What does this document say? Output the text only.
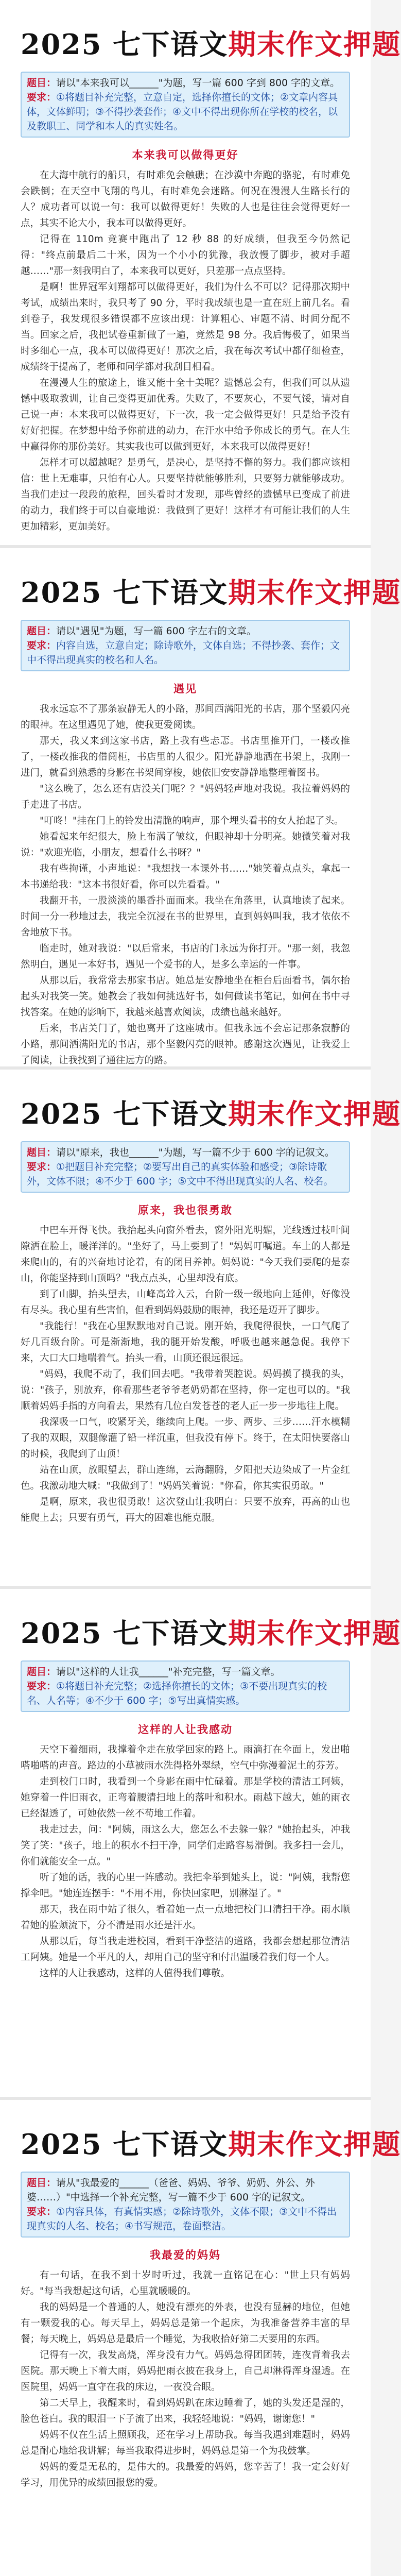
2025 七下语文期末作文押题
题目：请以"本来我可以______"为题，写一篇 600 字到 800 字的文章。
要求：①将题目补充完整，立意自定，选择你擅长的文体；②文章内容具体，文体鲜明；③不得抄袭套作；④文中不得出现你所在学校的校名，以及教职工、同学和本人的真实姓名。
本来我可以做得更好

在大海中航行的船只，有时难免会触礁；在沙漠中奔跑的骆驼，有时难免会跌倒；在天空中飞翔的鸟儿，有时难免会迷路。何况在漫漫人生路长行的人？成功者可以说一句：我可以做得更好！失败的人也是往往会觉得更好一点，其实不论大小，我本可以做得更好。

记得在 110m 竞赛中跑出了 12 秒 88 的好成绩，但我至今仍然记得："终点前最后二十米，因为一个小小的犹豫，我放慢了脚步，被对手超越……"那一刻我明白了，本来我可以更好，只差那一点点坚持。

是啊！世界冠军刘翔都可以做得更好，我们为什么不可以？记得那次期中考试，成绩出来时，我只考了 90 分，平时我成绩也是一直在班上前几名。看到卷子，我发现很多错误都不应该出现：计算粗心、审题不清、时间分配不当。回家之后，我把试卷重新做了一遍，竟然是 98 分。我后悔极了，如果当时多细心一点，我本可以做得更好！那次之后，我在每次考试中都仔细检查，成绩终于提高了，老师和同学都对我刮目相看。

在漫漫人生的旅途上，谁又能十全十美呢？遗憾总会有，但我们可以从遗憾中吸取教训，让自己变得更加优秀。失败了，不要灰心，不要气馁，请对自己说一声：本来我可以做得更好，下一次，我一定会做得更好！只是给予没有好好把握。在梦想中给予你前进的动力，在汗水中给予你成长的勇气。在人生中赢得你的那份美好。其实我也可以做到更好，本来我可以做得更好！

怎样才可以超越呢？是勇气，是决心，是坚持不懈的努力。我们都应该相信：世上无难事，只怕有心人。只要坚持就能够胜利，只要努力就能够成功。当我们走过一段段的旅程，回头看时才发现，那些曾经的遗憾早已变成了前进的动力，我们终于可以自豪地说：我做到了更好！这样才有可能让我们的人生更加精彩，更加美好。

2025 七下语文期末作文押题
题目：请以"遇见"为题，写一篇 600 字左右的文章。
要求：内容自选，立意自定；除诗歌外，文体自选；不得抄袭、套作；文中不得出现真实的校名和人名。
遇见

我永远忘不了那条寂静无人的小路，那间西满阳光的书店，那个坚毅闪亮的眼神。在这里遇见了她，使我更爱阅读。

那天，我又来到这家书店，路上我有些忐忑。书店里推开门，一楼改推了，一楼改推我的借阅柜，书店里的人很少。阳光静静地洒在书架上，我刚一进门，就看到熟悉的身影在书架间穿梭，她依旧安安静静地整理着图书。

"这么晚了，怎么还有店没关门呢？？"妈妈轻声地对我说。我拉着妈妈的手走进了书店。

"叮咚！"挂在门上的铃发出清脆的响声，那个埋头看书的女人抬起了头。

她看起来年纪很大，脸上布满了皱纹，但眼神却十分明亮。她微笑着对我说："欢迎光临，小朋友，想看什么书呀？"

我有些拘谨，小声地说："我想找一本课外书……"她笑着点点头，拿起一本书递给我："这本书很好看，你可以先看看。"

我翻开书，一股淡淡的墨香扑面而来。我坐在角落里，认真地读了起来。时间一分一秒地过去，我完全沉浸在书的世界里，直到妈妈叫我，我才依依不舍地放下书。

临走时，她对我说："以后常来，书店的门永远为你打开。"那一刻，我忽然明白，遇见一本好书，遇见一个爱书的人，是多么幸运的一件事。

从那以后，我常常去那家书店。她总是安静地坐在柜台后面看书，偶尔抬起头对我笑一笑。她教会了我如何挑选好书，如何做读书笔记，如何在书中寻找答案。在她的影响下，我越来越喜欢阅读，成绩也越来越好。

后来，书店关门了，她也离开了这座城市。但我永远不会忘记那条寂静的小路，那间洒满阳光的书店，那个坚毅闪亮的眼神。感谢这次遇见，让我爱上了阅读，让我找到了通往远方的路。

2025 七下语文期末作文押题
题目：请以"原来，我也______"为题，写一篇不少于 600 字的记叙文。
要求：①把题目补充完整；②要写出自己的真实体验和感受；③除诗歌外，文体不限；④不少于 600 字；⑤文中不得出现真实的人名、校名。
原来，我也很勇敢

中巴车开得飞快。我抬起头向窗外看去，窗外阳光明媚，光线透过枝叶间隙洒在脸上，暖洋洋的。"坐好了，马上要到了！"妈妈叮嘱道。车上的人都是来爬山的，有的兴奋地讨论着，有的闭目养神。妈妈说："今天我们要爬的是泰山，你能坚持到山顶吗？"我点点头，心里却没有底。

到了山脚，抬头望去，山峰高耸入云，台阶一级一级地向上延伸，好像没有尽头。我心里有些害怕，但看到妈妈鼓励的眼神，我还是迈开了脚步。

"我能行！"我在心里默默地对自己说。刚开始，我爬得很快，一口气爬了好几百级台阶。可是渐渐地，我的腿开始发酸，呼吸也越来越急促。我停下来，大口大口地喘着气。抬头一看，山顶还很远很远。

"妈妈，我爬不动了，我们回去吧。"我带着哭腔说。妈妈摸了摸我的头，说："孩子，别放弃，你看那些老爷爷老奶奶都在坚持，你一定也可以的。"我顺着妈妈手指的方向看去，果然有几位白发苍苍的老人正一步一步地往上爬。

我深吸一口气，咬紧牙关，继续向上爬。一步、两步、三步……汗水模糊了我的双眼，双腿像灌了铅一样沉重，但我没有停下。终于，在太阳快要落山的时候，我爬到了山顶！

站在山顶，放眼望去，群山连绵，云海翻腾，夕阳把天边染成了一片金红色。我激动地大喊："我做到了！"妈妈笑着说："你看，你其实很勇敢。"

是啊，原来，我也很勇敢！这次登山让我明白：只要不放弃，再高的山也能爬上去；只要有勇气，再大的困难也能克服。

2025 七下语文期末作文押题
题目：请以"这样的人让我______"补充完整，写一篇文章。
要求：①将题目补充完整；②选择你擅长的文体；③不要出现真实的校名、人名等；④不少于 600 字；⑤写出真情实感。
这样的人让我感动

天空下着细雨，我撑着伞走在放学回家的路上。雨滴打在伞面上，发出啪嗒啪嗒的声音。路边的小草被雨水洗得格外翠绿，空气中弥漫着泥土的芬芳。

走到校门口时，我看到一个身影在雨中忙碌着。那是学校的清洁工阿姨，她穿着一件旧雨衣，正弯着腰清扫地上的落叶和积水。雨越下越大，她的雨衣已经湿透了，可她依然一丝不苟地工作着。

我走过去，问："阿姨，雨这么大，您怎么不去躲一躲？"她抬起头，冲我笑了笑："孩子，地上的积水不扫干净，同学们走路容易滑倒。我多扫一会儿，你们就能安全一点。"

听了她的话，我的心里一阵感动。我把伞举到她头上，说："阿姨，我帮您撑伞吧。"她连连摆手："不用不用，你快回家吧，别淋湿了。"

那天，我在雨中站了很久，看着她一点一点地把校门口清扫干净。雨水顺着她的脸颊流下，分不清是雨水还是汗水。

从那以后，每当我走进校园，看到干净整洁的道路，我都会想起那位清洁工阿姨。她是一个平凡的人，却用自己的坚守和付出温暖着我们每一个人。

这样的人让我感动，这样的人值得我们尊敬。

2025 七下语文期末作文押题
题目：请从"我最爱的______（爸爸、妈妈、爷爷、奶奶、外公、外婆……）"中选择一个补充完整，写一篇不少于 600 字的记叙文。
要求：①内容具体，有真情实感；②除诗歌外，文体不限；③文中不得出现真实的人名、校名；④书写规范，卷面整洁。
我最爱的妈妈

有一句话，在我不到十岁时听过，我就一直铭记在心："世上只有妈妈好。"每当我想起这句话，心里就暖暖的。

我的妈妈是一个普通的人，她没有漂亮的外表，也没有显赫的地位，但她有一颗爱我的心。每天早上，妈妈总是第一个起床，为我准备营养丰富的早餐；每天晚上，妈妈总是最后一个睡觉，为我收拾好第二天要用的东西。

记得有一次，我发高烧，浑身没有力气。妈妈急得团团转，连夜背着我去医院。那天晚上下着大雨，妈妈把雨衣披在我身上，自己却淋得浑身湿透。在医院里，妈妈一直守在我的床边，一夜没合眼。

第二天早上，我醒来时，看到妈妈趴在床边睡着了，她的头发还是湿的，脸色苍白。我的眼泪一下子流了出来，我轻轻地说："妈妈，谢谢您！"

妈妈不仅在生活上照顾我，还在学习上帮助我。每当我遇到难题时，妈妈总是耐心地给我讲解；每当我取得进步时，妈妈总是第一个为我鼓掌。

妈妈的爱是无私的，是伟大的。我最爱的妈妈，您辛苦了！我一定会好好学习，用优异的成绩回报您的爱。
